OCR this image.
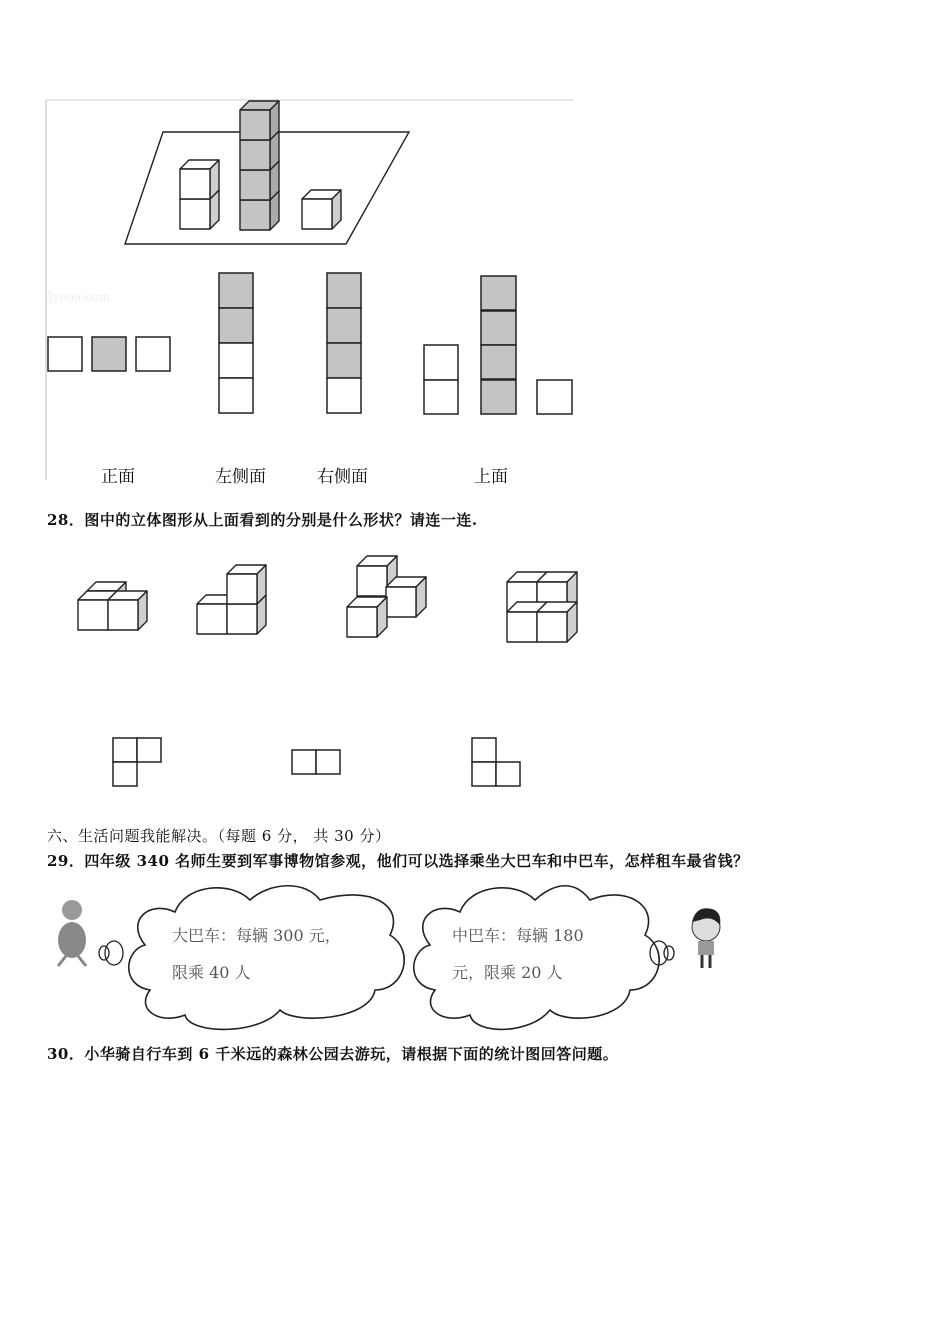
Jyeoo.com
正面	左侧面	右侧面	上面
28．图中的立体图形从上面看到的分别是什么形状？请连一连.
六、生活问题我能解决。（每题 6 分， 共 30 分）
29．四年级 340 名师生要到军事博物馆参观，他们可以选择乘坐大巴车和中巴车，怎样租车最省钱？
大巴车：每辆 300 元，
限乘 40 人
中巴车：每辆 180
元，限乘 20 人
30．小华骑自行车到 6 千米远的森林公园去游玩，请根据下面的统计图回答问题。
